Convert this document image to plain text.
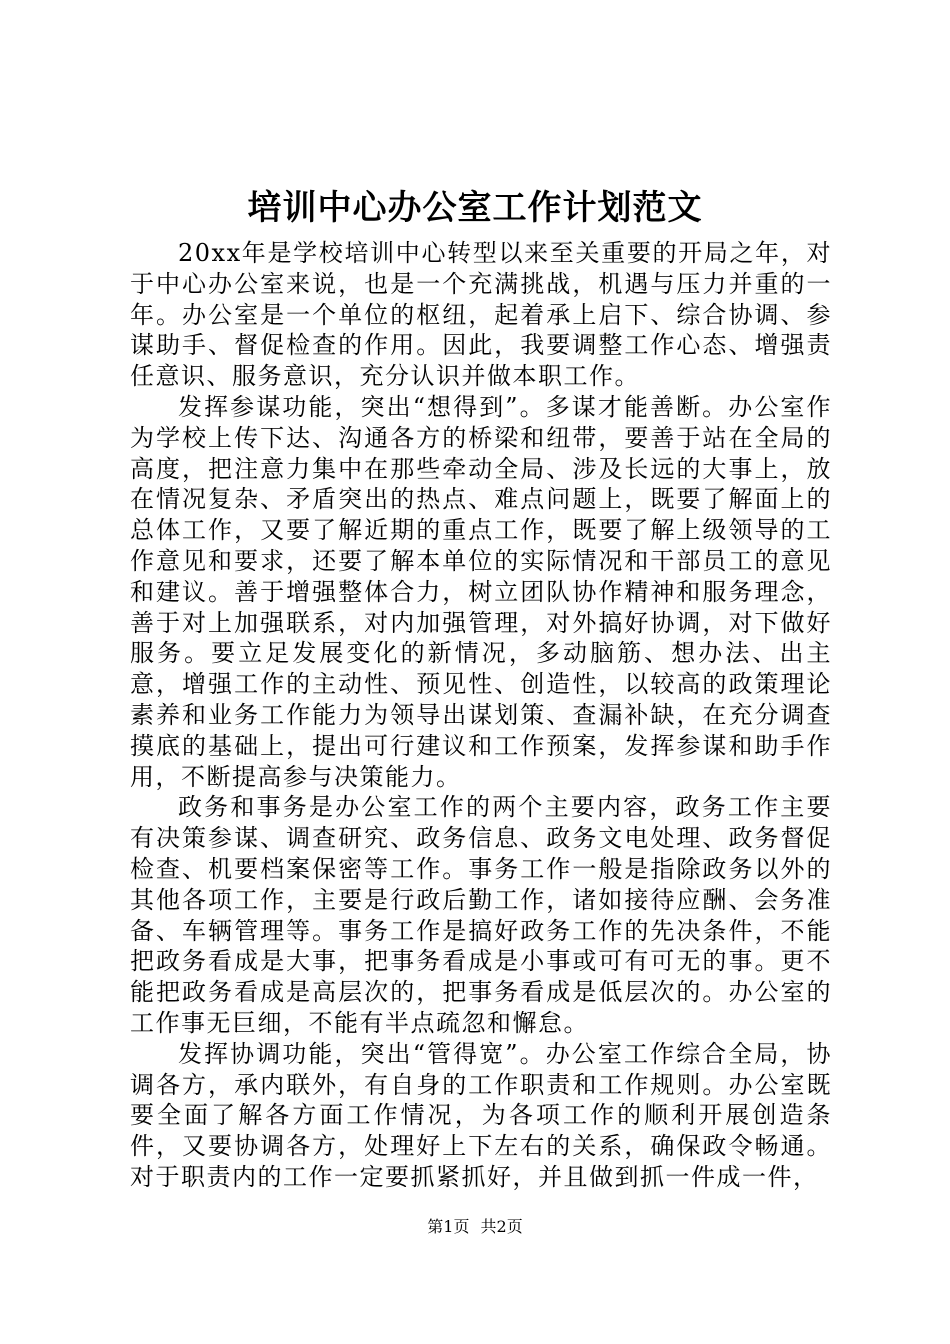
培训中心办公室工作计划范文

20xx年是学校培训中心转型以来至关重要的开局之年，对于中心办公室来说，也是一个充满挑战，机遇与压力并重的一年。办公室是一个单位的枢纽，起着承上启下、综合协调、参谋助手、督促检查的作用。因此，我要调整工作心态、增强责任意识、服务意识，充分认识并做本职工作。

发挥参谋功能，突出“想得到”。多谋才能善断。办公室作为学校上传下达、沟通各方的桥梁和纽带，要善于站在全局的高度，把注意力集中在那些牵动全局、涉及长远的大事上，放在情况复杂、矛盾突出的热点、难点问题上，既要了解面上的总体工作，又要了解近期的重点工作，既要了解上级领导的工作意见和要求，还要了解本单位的实际情况和干部员工的意见和建议。善于增强整体合力，树立团队协作精神和服务理念，善于对上加强联系，对内加强管理，对外搞好协调，对下做好服务。要立足发展变化的新情况，多动脑筋、想办法、出主意，增强工作的主动性、预见性、创造性，以较高的政策理论素养和业务工作能力为领导出谋划策、查漏补缺，在充分调查摸底的基础上，提出可行建议和工作预案，发挥参谋和助手作用，不断提高参与决策能力。

政务和事务是办公室工作的两个主要内容，政务工作主要有决策参谋、调查研究、政务信息、政务文电处理、政务督促检查、机要档案保密等工作。事务工作一般是指除政务以外的其他各项工作，主要是行政后勤工作，诸如接待应酬、会务准备、车辆管理等。事务工作是搞好政务工作的先决条件，不能把政务看成是大事，把事务看成是小事或可有可无的事。更不能把政务看成是高层次的，把事务看成是低层次的。办公室的工作事无巨细，不能有半点疏忽和懈怠。

发挥协调功能，突出“管得宽”。办公室工作综合全局，协调各方，承内联外，有自身的工作职责和工作规则。办公室既要全面了解各方面工作情况，为各项工作的顺利开展创造条件，又要协调各方，处理好上下左右的关系，确保政令畅通。对于职责内的工作一定要抓紧抓好，并且做到抓一件成一件，

第1页 共2页
